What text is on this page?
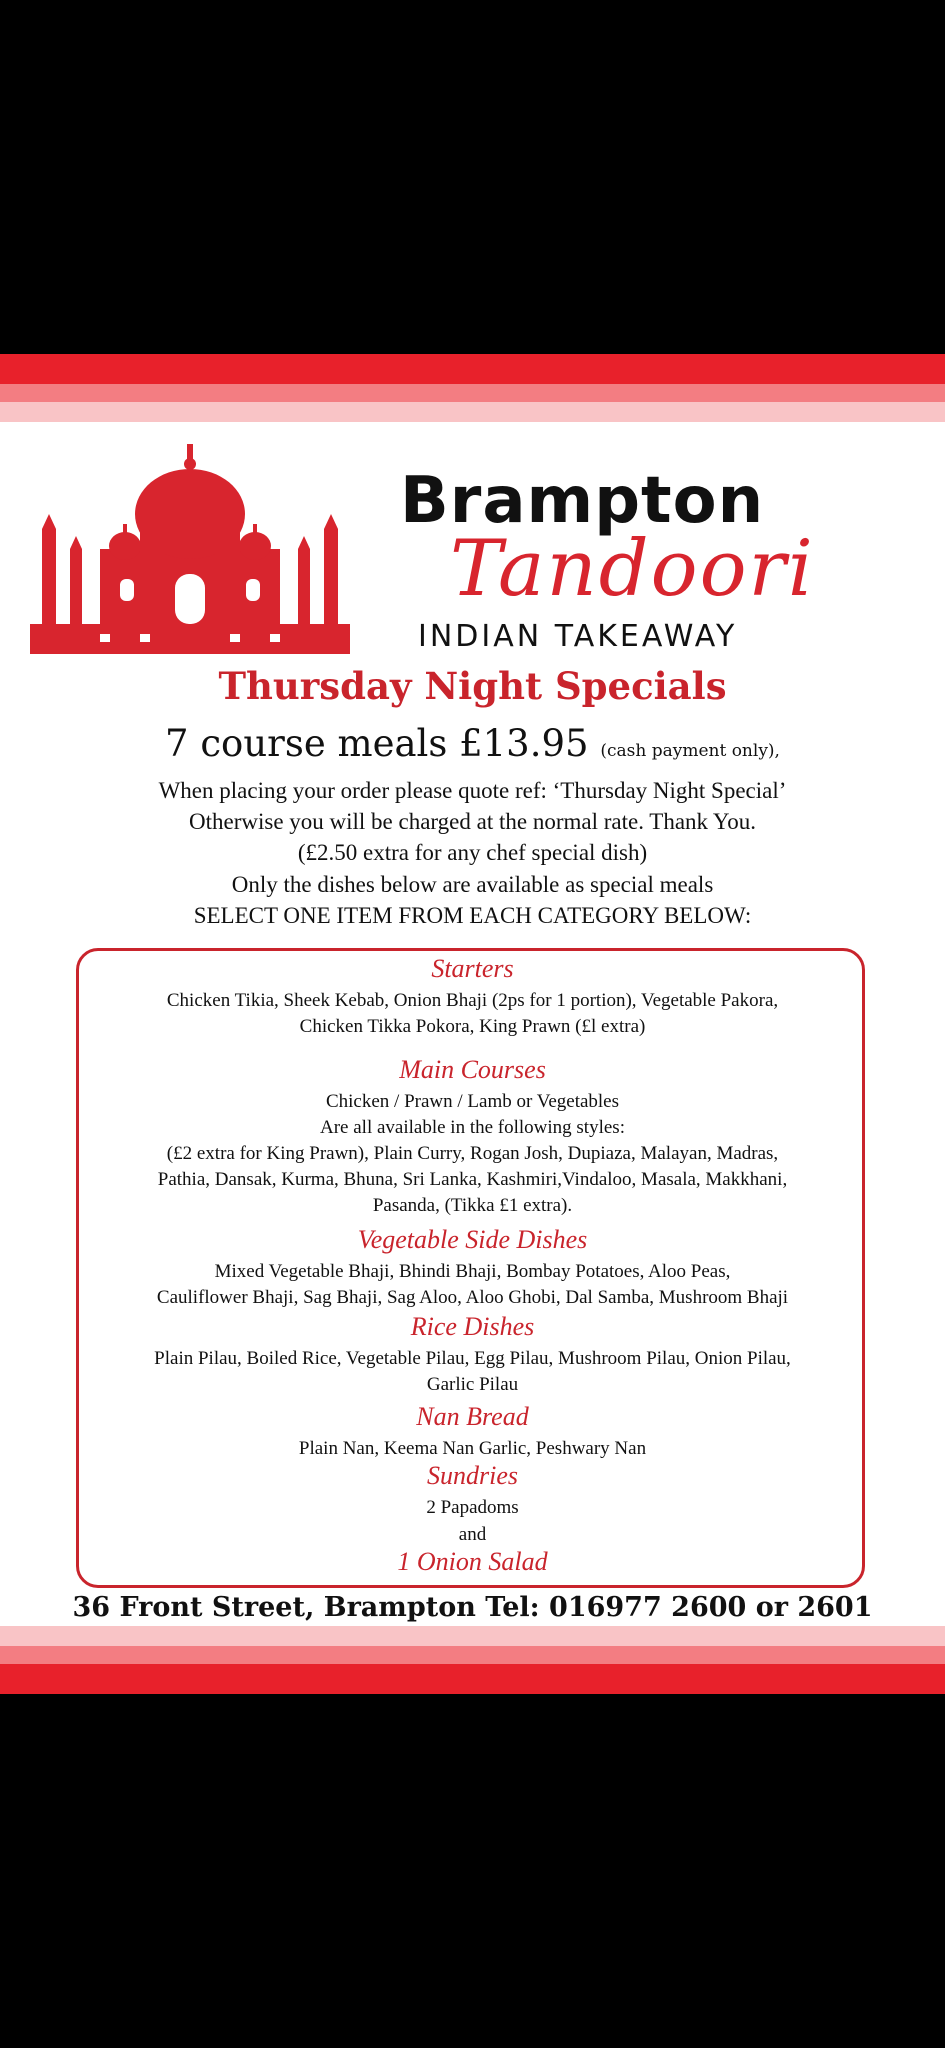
Brampton
Tandoori
INDIAN TAKEAWAY
Thursday Night Specials
7 course meals £13.95 (cash payment only),
When placing your order please quote ref: ‘Thursday Night Special’
Otherwise you will be charged at the normal rate. Thank You.
(£2.50 extra for any chef special dish)
Only the dishes below are available as special meals
SELECT ONE ITEM FROM EACH CATEGORY BELOW:
Starters
Chicken Tikia, Sheek Kebab, Onion Bhaji (2ps for 1 portion), Vegetable Pakora,
Chicken Tikka Pokora, King Prawn (£l extra)
Main Courses
Chicken / Prawn / Lamb or Vegetables
Are all available in the following styles:
(£2 extra for King Prawn), Plain Curry, Rogan Josh, Dupiaza, Malayan, Madras,
Pathia, Dansak, Kurma, Bhuna, Sri Lanka, Kashmiri,Vindaloo, Masala, Makkhani,
Pasanda, (Tikka £1 extra).
Vegetable Side Dishes
Mixed Vegetable Bhaji, Bhindi Bhaji, Bombay Potatoes, Aloo Peas,
Cauliflower Bhaji, Sag Bhaji, Sag Aloo, Aloo Ghobi, Dal Samba, Mushroom Bhaji
Rice Dishes
Plain Pilau, Boiled Rice, Vegetable Pilau, Egg Pilau, Mushroom Pilau, Onion Pilau,
Garlic Pilau
Nan Bread
Plain Nan, Keema Nan Garlic, Peshwary Nan
Sundries
2 Papadoms
and
1 Onion Salad
36 Front Street, Brampton Tel: 016977 2600 or 2601
